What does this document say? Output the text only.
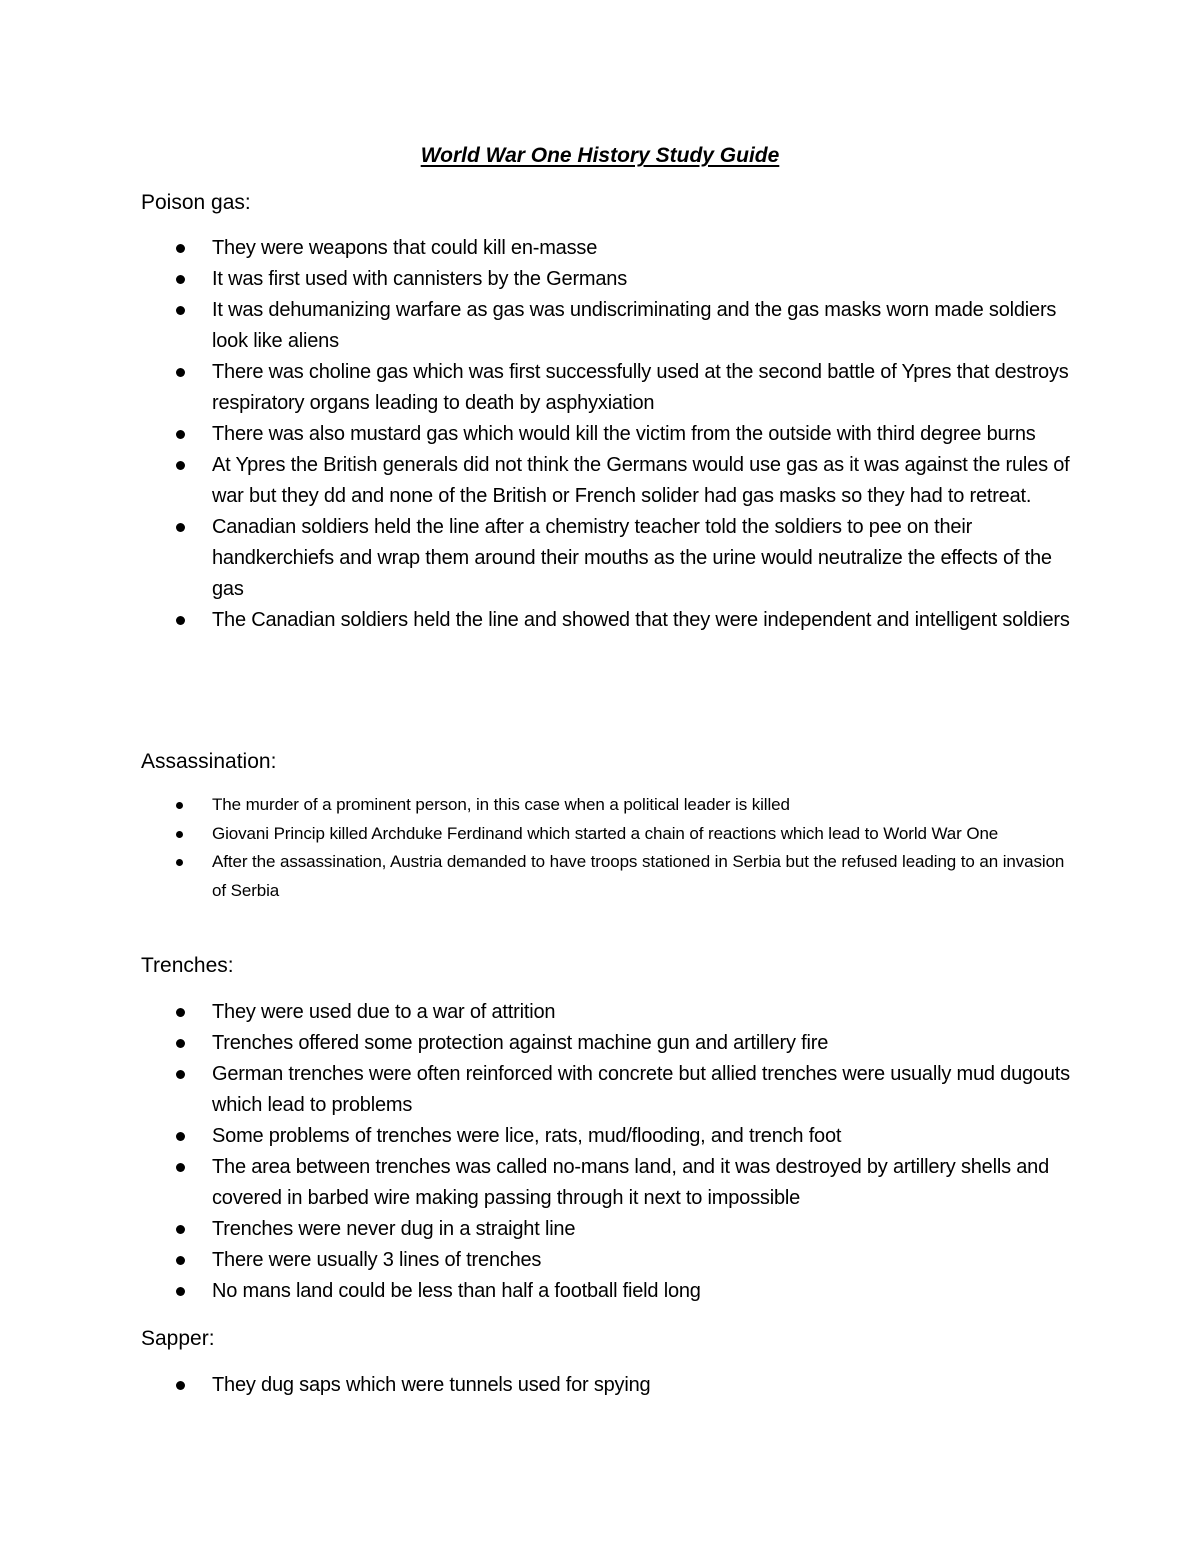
World War One History Study Guide

Poison gas:

They were weapons that could kill en-masse
It was first used with cannisters by the Germans
It was dehumanizing warfare as gas was undiscriminating and the gas masks worn made soldiers look like aliens
There was choline gas which was first successfully used at the second battle of Ypres that destroys respiratory organs leading to death by asphyxiation
There was also mustard gas which would kill the victim from the outside with third degree burns
At Ypres the British generals did not think the Germans would use gas as it was against the rules of war but they dd and none of the British or French solider had gas masks so they had to retreat.
Canadian soldiers held the line after a chemistry teacher told the soldiers to pee on their handkerchiefs and wrap them around their mouths as the urine would neutralize the effects of the gas
The Canadian soldiers held the line and showed that they were independent and intelligent soldiers

Assassination:

The murder of a prominent person, in this case when a political leader is killed
Giovani Princip killed Archduke Ferdinand which started a chain of reactions which lead to World War One
After the assassination, Austria demanded to have troops stationed in Serbia but the refused leading to an invasion of Serbia

Trenches:

They were used due to a war of attrition
Trenches offered some protection against machine gun and artillery fire
German trenches were often reinforced with concrete but allied trenches were usually mud dugouts which lead to problems
Some problems of trenches were lice, rats, mud/flooding, and trench foot
The area between trenches was called no-mans land, and it was destroyed by artillery shells and covered in barbed wire making passing through it next to impossible
Trenches were never dug in a straight line
There were usually 3 lines of trenches
No mans land could be less than half a football field long

Sapper:

They dug saps which were tunnels used for spying
